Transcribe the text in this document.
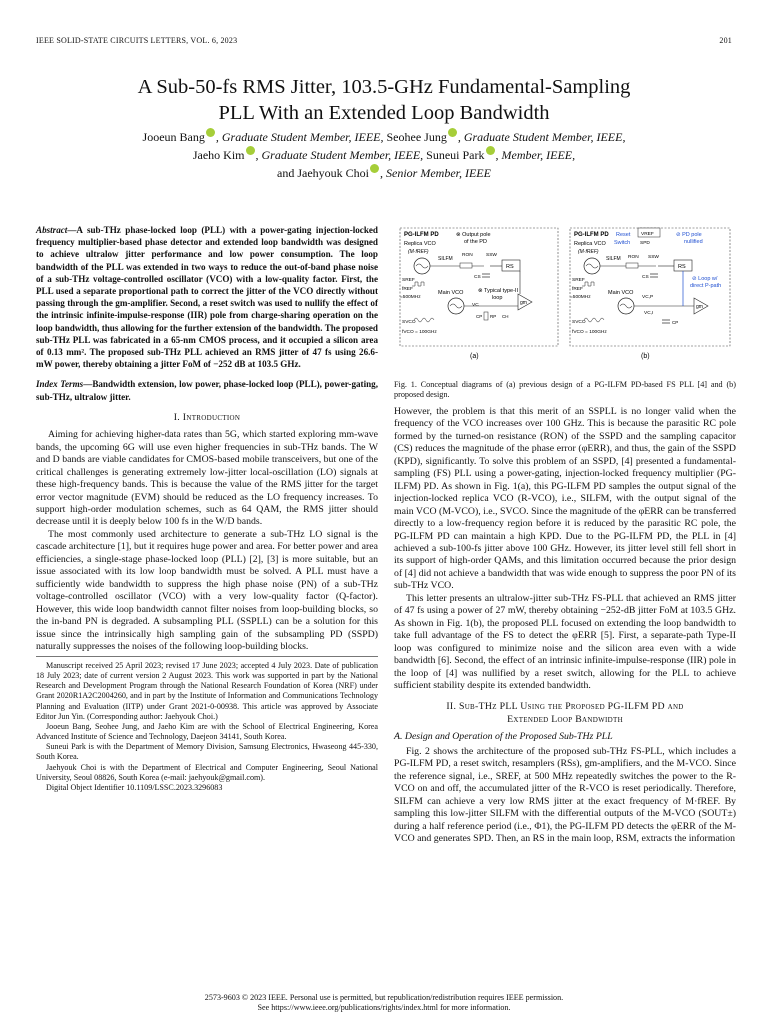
IEEE SOLID-STATE CIRCUITS LETTERS, VOL. 6, 2023	201
A Sub-50-fs RMS Jitter, 103.5-GHz Fundamental-Sampling
PLL With an Extended Loop Bandwidth
Jooeun Bang , Graduate Student Member, IEEE, Seohee Jung , Graduate Student Member, IEEE,
Jaeho Kim , Graduate Student Member, IEEE, Suneui Park , Member, IEEE,
and Jaehyouk Choi , Senior Member, IEEE
Abstract—A sub-THz phase-locked loop (PLL) with a power-gating injection-locked frequency multiplier-based phase detector and extended loop bandwidth was designed to achieve ultralow jitter performance and low power consumption. The loop bandwidth of the PLL was extended in two ways to reduce the out-of-band phase noise of a sub-THz voltage-controlled oscillator (VCO) with a low-quality factor. First, the PLL used a separate proportional path to correct the jitter of the VCO directly without passing through the gm-amplifier. Second, a reset switch was used to nullify the effect of the intrinsic infinite-impulse-response (IIR) pole from charge-sharing operation on the loop bandwidth, thus allowing for the further extension of the bandwidth. The proposed sub-THz PLL was fabricated in a 65-nm CMOS process, and it occupied a silicon area of 0.13 mm². The proposed sub-THz PLL achieved an RMS jitter of 47 fs using 26.6-mW power, thereby obtaining a jitter FoM of −252 dB at 103.5 GHz.
Index Terms—Bandwidth extension, low power, phase-locked loop (PLL), power-gating, sub-THz, ultralow jitter.
I. Introduction

Aiming for achieving higher-data rates than 5G, which started exploring mm-wave bands, the upcoming 6G will use even higher frequencies in sub-THz bands. The W and D bands are viable candidates for CMOS-based mobile transceivers, but one of the critical challenges is generating extremely low-jitter local-oscillation (LO) signals at these high-frequency bands. This is because the value of the RMS jitter for the target error vector magnitude (EVM) should be reduced as the LO frequency increases. To support high-order modulation schemes, such as 64 QAM, the RMS jitter should decrease until it is deeply below 100 fs in the W/D bands.

The most commonly used architecture to generate a sub-THz LO signal is the cascade architecture [1], but it requires huge power and area. For better power and area efficiencies, a single-stage phase-locked loop (PLL) [2], [3] is more suitable, but an issue associated with its low loop bandwidth must be solved. A PLL must have a sufficiently wide bandwidth to suppress the high phase noise (PN) of a sub-THz voltage-controlled oscillator (VCO) with a very low-quality factor (Q-factor). However, this wide loop bandwidth cannot filter noises from loop-building blocks, so the in-band PN is degraded. A subsampling PLL (SSPLL) can be a solution for this issue since the intrinsically high sampling gain of the subsampling PD (SSPD) naturally suppresses the noises of the following loop-building blocks.

Manuscript received 25 April 2023; revised 17 June 2023; accepted 4 July 2023. Date of publication 18 July 2023; date of current version 2 August 2023. This work was supported in part by the National Research and Development Program through the National Research Foundation of Korea (NRF) under Grant 2020R1A2C2004260, and in part by the Institute of Information and Communications Technology Planning and Evaluation (IITP) under Grant 2021-0-00938. This article was approved by Associate Editor Jun Yin. (Corresponding author: Jaehyouk Choi.)

Jooeun Bang, Seohee Jung, and Jaeho Kim are with the School of Electrical Engineering, Korea Advanced Institute of Science and Technology, Daejeon 34141, South Korea.

Suneui Park is with the Department of Memory Division, Samsung Electronics, Hwaseong 445-330, South Korea.

Jaehyouk Choi is with the Department of Electrical and Computer Engineering, Seoul National University, Seoul 08826, South Korea (e-mail: jaehyouk@gmail.com).

Digital Object Identifier 10.1109/LSSC.2023.3296083

PG-ILFM PD
Replica VCO
(M·fREF)
SILFM
⊗ Output pole
of the PD
RON	SSW
CS
RS
SREF
fREF
=500MHz
Main VCO	⊗ Typical type-II
loop
VC	gm
CP RP CH
SVCO
fVCO = 100GHz
(a)
PG-ILFM PD Reset
Switch
VREF
SPD
⊘ PD pole
nullified
Replica VCO
(M·fREF)
SILFM RON SSW
CS
RS
⊘ Loop w/
direct P-path
SREF
fREF
=500MHz
Main VCO
VC,P
VC,I
gm
CP
SVCO
fVCO = 100GHz
(b)
Fig. 1. Conceptual diagrams of (a) previous design of a PG-ILFM PD-based FS PLL [4] and (b) proposed design.

However, the problem is that this merit of an SSPLL is no longer valid when the frequency of the VCO increases over 100 GHz. This is because the parasitic RC pole formed by the turned-on resistance (RON) of the SSPD and the sampling capacitor (CS) reduces the magnitude of the phase error (φERR), and thus, the gain of the SSPD (KPD), significantly. To solve this problem of an SSPD, [4] presented a fundamental-sampling (FS) PLL using a power-gating, injection-locked frequency multiplier (PG-ILFM) PD. As shown in Fig. 1(a), this PG-ILFM PD samples the output signal of the injection-locked replica VCO (R-VCO), i.e., SILFM, with the output signal of the main VCO (M-VCO), i.e., SVCO. Since the magnitude of the φERR can be transferred directly to a low-frequency region before it is reduced by the parasitic RC pole, the PG-ILFM PD can maintain a high KPD. Due to the PG-ILFM PD, the PLL in [4] achieved a sub-100-fs jitter above 100 GHz. However, its jitter level still fell short in its support of high-order QAMs, and this limitation occurred because the prior design of [4] did not achieve a bandwidth that was wide enough to suppress the poor PN of its sub-THz VCO.

This letter presents an ultralow-jitter sub-THz FS-PLL that achieved an RMS jitter of 47 fs using a power of 27 mW, thereby obtaining −252-dB jitter FoM at 103.5 GHz. As shown in Fig. 1(b), the proposed PLL focused on extending the loop bandwidth to take full advantage of the FS to detect the φERR [5]. First, a separate-path Type-II loop was configured to minimize noise and the silicon area even with a wide bandwidth [6]. Second, the effect of an intrinsic infinite-impulse-response (IIR) pole in the loop of [4] was nullified by a reset switch, allowing for the PLL to achieve sufficient stability despite its extended bandwidth.

II. Sub-THz PLL Using the Proposed PG-ILFM PD and
Extended Loop Bandwidth
A. Design and Operation of the Proposed Sub-THz PLL

Fig. 2 shows the architecture of the proposed sub-THz FS-PLL, which includes a PG-ILFM PD, a reset switch, resamplers (RSs), gm-amplifiers, and the M-VCO. Since the reference signal, i.e., SREF, at 500 MHz repeatedly switches the power to the R-VCO on and off, the accumulated jitter of the R-VCO is reset periodically. Therefore, SILFM can achieve a very low RMS jitter at the exact frequency of M·fREF. By sampling this low-jitter SILFM with the differential outputs of the M-VCO (SOUT±) during a half reference period (i.e., Φ1), the PG-ILFM PD detects the φERR of the M-VCO and generates SPD. Then, an RS in the main loop, RSM, extracts the information

2573-9603 © 2023 IEEE. Personal use is permitted, but republication/redistribution requires IEEE permission.
See https://www.ieee.org/publications/rights/index.html for more information.
